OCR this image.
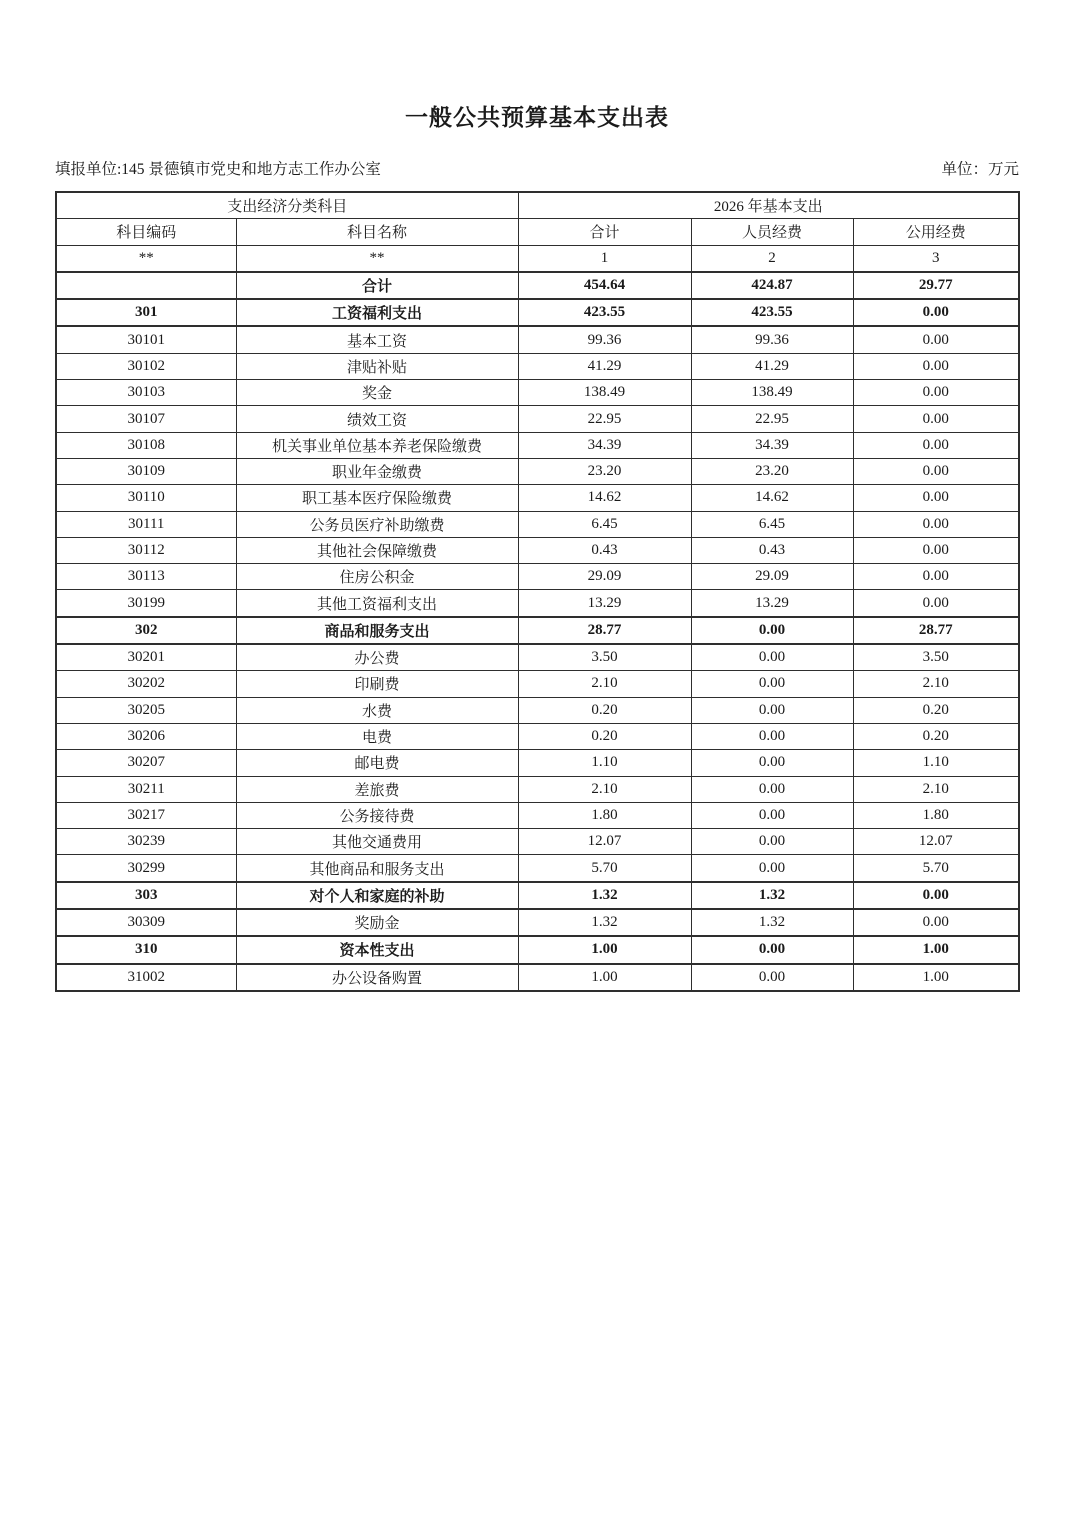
一般公共预算基本支出表
填报单位:145 景德镇市党史和地方志工作办公室	单位：万元
支出经济分类科目		2026 年基本支出		
科目编码	科目名称	合计	人员经费	公用经费
**	**	1	2	3
	合计	454.64	424.87	29.77
301	工资福利支出	423.55	423.55	0.00
30101	基本工资	99.36	99.36	0.00
30102	津贴补贴	41.29	41.29	0.00
30103	奖金	138.49	138.49	0.00
30107	绩效工资	22.95	22.95	0.00
30108	机关事业单位基本养老保险缴费	34.39	34.39	0.00
30109	职业年金缴费	23.20	23.20	0.00
30110	职工基本医疗保险缴费	14.62	14.62	0.00
30111	公务员医疗补助缴费	6.45	6.45	0.00
30112	其他社会保障缴费	0.43	0.43	0.00
30113	住房公积金	29.09	29.09	0.00
30199	其他工资福利支出	13.29	13.29	0.00
302	商品和服务支出	28.77	0.00	28.77
30201	办公费	3.50	0.00	3.50
30202	印刷费	2.10	0.00	2.10
30205	水费	0.20	0.00	0.20
30206	电费	0.20	0.00	0.20
30207	邮电费	1.10	0.00	1.10
30211	差旅费	2.10	0.00	2.10
30217	公务接待费	1.80	0.00	1.80
30239	其他交通费用	12.07	0.00	12.07
30299	其他商品和服务支出	5.70	0.00	5.70
303	对个人和家庭的补助	1.32	1.32	0.00
30309	奖励金	1.32	1.32	0.00
310	资本性支出	1.00	0.00	1.00
31002	办公设备购置	1.00	0.00	1.00
